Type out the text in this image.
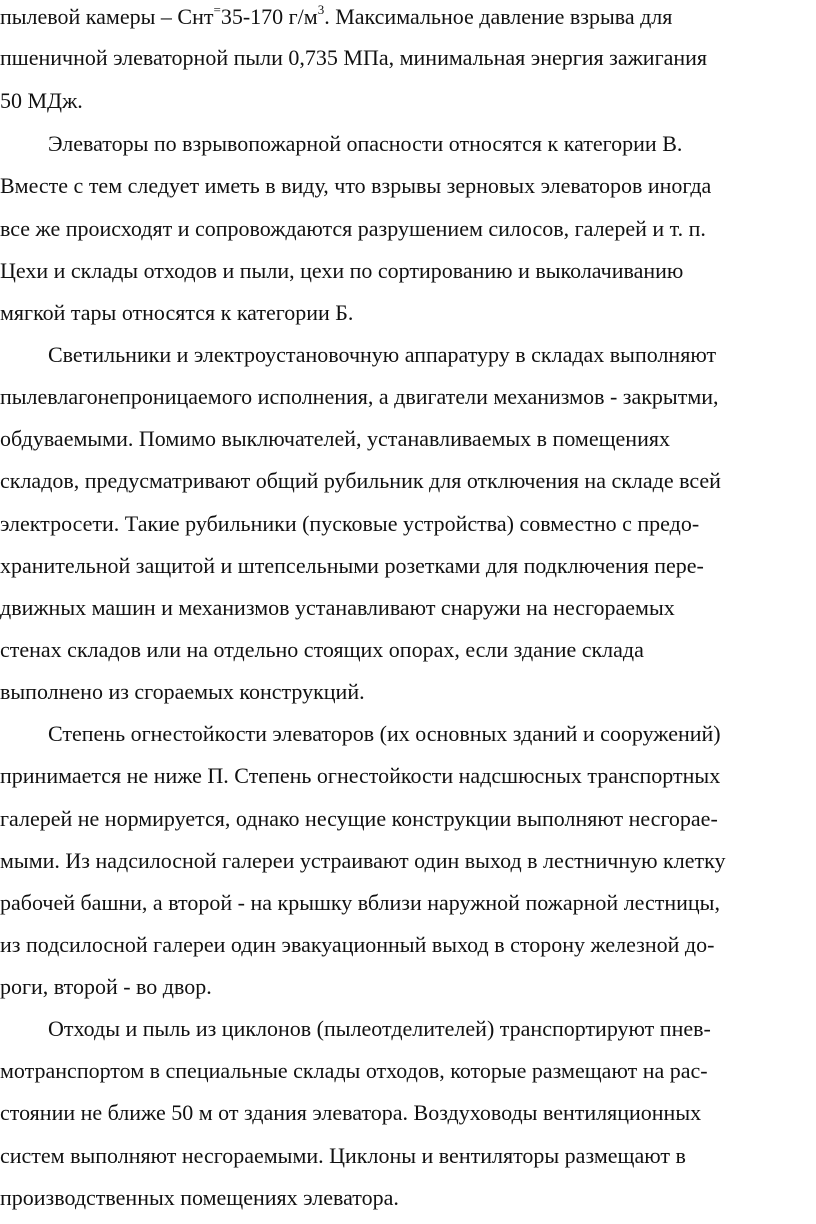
пылевой камеры – Снт=35-170 $г/м^3$. Максимальное давление взрыва для
пшеничной элеваторной пыли 0,735 МПа, минимальная энергия зажигания
50 МДж.
Элеваторы по взрывопожарной опасности относятся к категории В.
Вместе с тем следует иметь в виду, что взрывы зерновых элеваторов иногда
все же происходят и сопровождаются разрушением силосов, галерей и т. п.
Цехи и склады отходов и пыли, цехи по сортированию и выколачиванию
мягкой тары относятся к категории Б.
Светильники и электроустановочную аппаратуру в складах выполняют
пылевлагонепроницаемого исполнения, а двигатели механизмов - закрытми,
обдуваемыми. Помимо выключателей, устанавливаемых в помещениях
складов, предусматривают общий рубильник для отключения на складе всей
электросети. Такие рубильники (пусковые устройства) совместно с предо-
хранительной защитой и штепсельными розетками для подключения пере-
движных машин и механизмов устанавливают снаружи на несгораемых
стенах складов или на отдельно стоящих опорах, если здание склада
выполнено из сгораемых конструкций.
Степень огнестойкости элеваторов (их основных зданий и сооружений)
принимается не ниже П. Степень огнестойкости надсшюсных транспортных
галерей не нормируется, однако несущие конструкции выполняют несгорае-
мыми. Из надсилосной галереи устраивают один выход в лестничную клетку
рабочей башни, а второй - на крышку вблизи наружной пожарной лестницы,
из подсилосной галереи один эвакуационный выход в сторону железной до-
роги, второй - во двор.
Отходы и пыль из циклонов (пылеотделителей) транспортируют пнев-
мотранспортом в специальные склады отходов, которые размещают на рас-
стоянии не ближе 50 м от здания элеватора. Воздуховоды вентиляционных
систем выполняют несгораемыми. Циклоны и вентиляторы размещают в
производственных помещениях элеватора.
